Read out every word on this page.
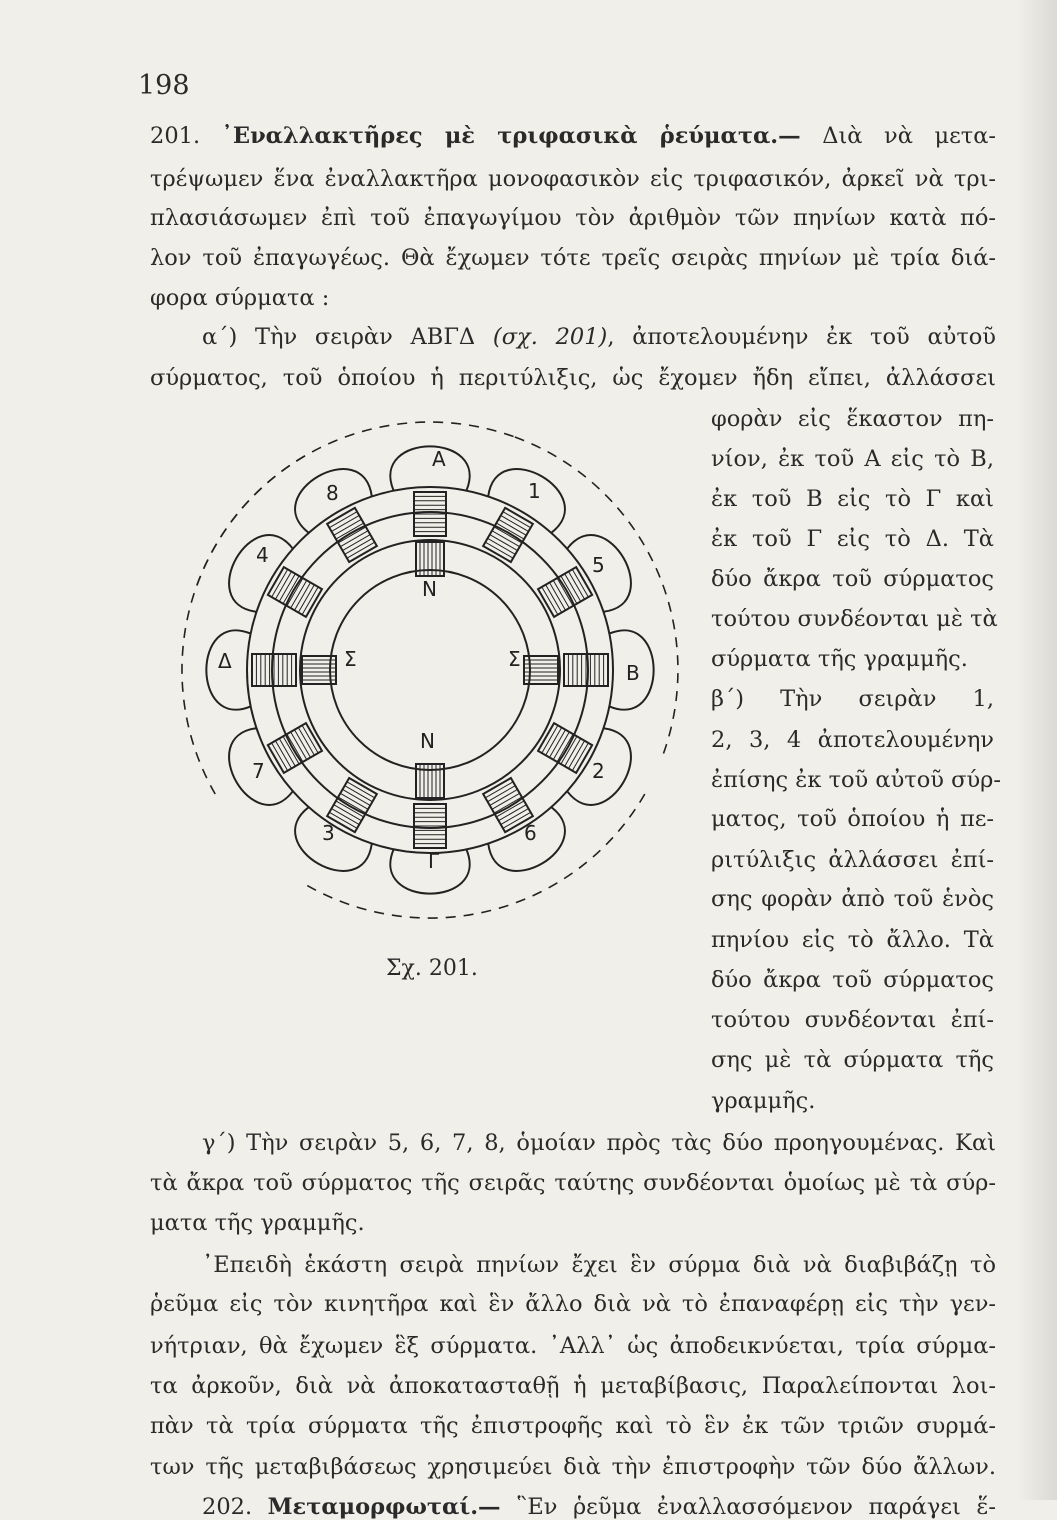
198
201. ᾿Εναλλακτῆρες μὲ τριφασικὰ ῥεύματα.— Διὰ νὰ μετα-
τρέψωμεν ἕνα ἐναλλακτῆρα μονοφασικὸν εἰς τριφασικόν, ἀρκεῖ νὰ τρι-
πλασιάσωμεν ἐπὶ τοῦ ἐπαγωγίμου τὸν ἀριθμὸν τῶν πηνίων κατὰ πό-
λον τοῦ ἐπαγωγέως. Θὰ ἔχωμεν τότε τρεῖς σειρὰς πηνίων μὲ τρία διά-
φορα σύρματα :
α΄) Τὴν σειρὰν ΑΒΓΔ (σχ. 201), ἀποτελουμένην ἐκ τοῦ αὐτοῦ
σύρματος, τοῦ ὁποίου ἡ περιτύλιξις, ὡς ἔχομεν ἤδη εἴπει, ἀλλάσσει
φορὰν εἰς ἕκαστον πη-
νίον, ἐκ τοῦ Α εἰς τὸ Β,
ἐκ τοῦ Β εἰς τὸ Γ καὶ
ἐκ τοῦ Γ εἰς τὸ Δ. Τὰ
δύο ἄκρα τοῦ σύρματος
τούτου συνδέονται μὲ τὰ
σύρματα τῆς γραμμῆς.
β΄) Τὴν σειρὰν 1,
2, 3, 4 ἀποτελουμένην
ἐπίσης ἐκ τοῦ αὐτοῦ σύρ-
ματος, τοῦ ὁποίου ἡ πε-
ριτύλιξις ἀλλάσσει ἐπί-
σης φορὰν ἀπὸ τοῦ ἑνὸς
πηνίου εἰς τὸ ἄλλο. Τὰ
δύο ἄκρα τοῦ σύρματος
τούτου συνδέονται ἐπί-
σης μὲ τὰ σύρματα τῆς
γραμμῆς.
γ΄) Τὴν σειρὰν 5, 6, 7, 8, ὁμοίαν πρὸς τὰς δύο προηγουμένας. Καὶ
τὰ ἄκρα τοῦ σύρματος τῆς σειρᾶς ταύτης συνδέονται ὁμοίως μὲ τὰ σύρ-
ματα τῆς γραμμῆς.
᾿Επειδὴ ἑκάστη σειρὰ πηνίων ἔχει ἓν σύρμα διὰ νὰ διαβιβάζῃ τὸ
ῥεῦμα εἰς τὸν κινητῆρα καὶ ἓν ἄλλο διὰ νὰ τὸ ἐπαναφέρῃ εἰς τὴν γεν-
νήτριαν, θὰ ἔχωμεν ἓξ σύρματα. ᾿Αλλ᾿ ὡς ἀποδεικνύεται, τρία σύρμα-
τα ἀρκοῦν, διὰ νὰ ἀποκατασταθῇ ἡ μεταβίβασις, Παραλείπονται λοι-
πὰν τὰ τρία σύρματα τῆς ἐπιστροφῆς καὶ τὸ ἓν ἐκ τῶν τριῶν συρμά-
των τῆς μεταβιβάσεως χρησιμεύει διὰ τὴν ἐπιστροφὴν τῶν δύο ἄλλων.
202. Μεταμορφωταί.— ῝Εν ῥεῦμα ἐναλλασσόμενον παράγει ἕ-
Α
Β
Γ
Δ
1
2
3
4	5
6
7
8
N
N
Σ	Σ
Σχ. 201.
